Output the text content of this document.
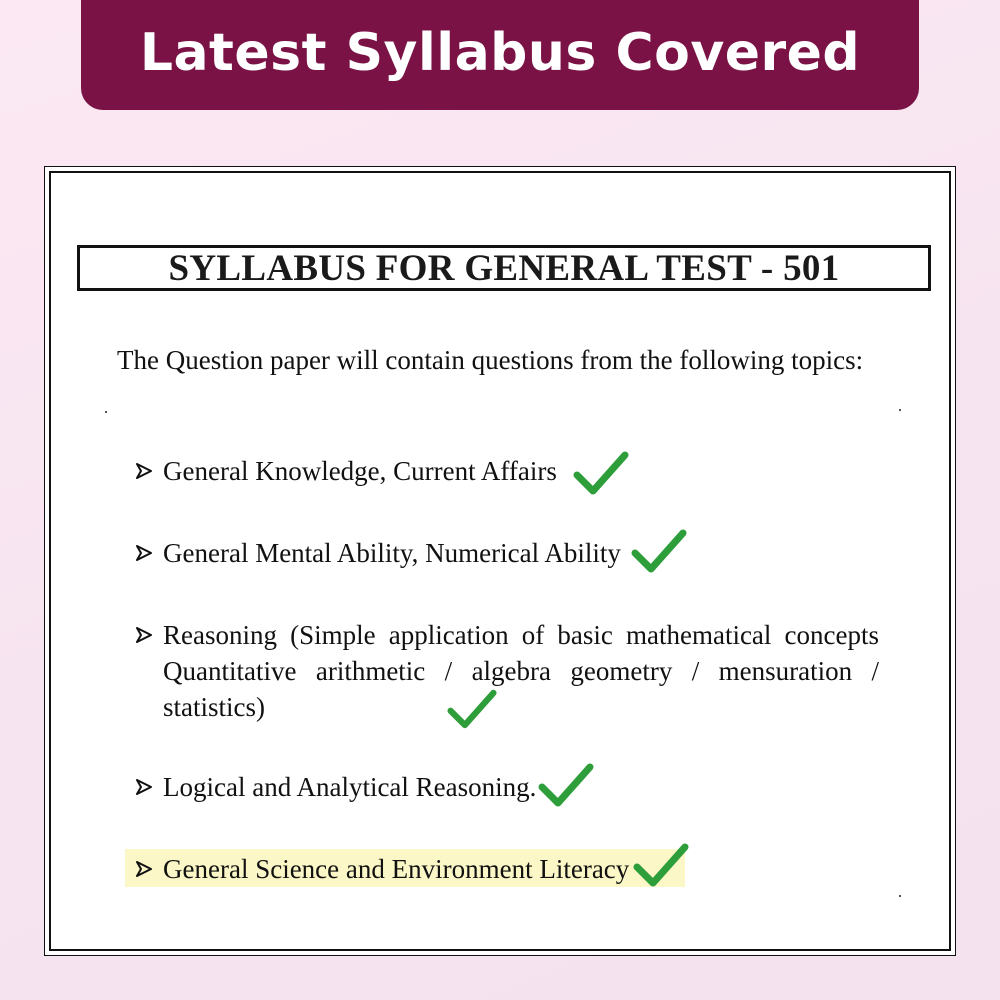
Latest Syllabus Covered
SYLLABUS FOR GENERAL TEST - 501
The Question paper will contain questions from the following topics:
General Knowledge, Current Affairs
General Mental Ability, Numerical Ability
Reasoning (Simple application of basic mathematical concepts Quantitative arithmetic / algebra geometry / mensuration / statistics)
Logical and Analytical Reasoning.
General Science and Environment Literacy
